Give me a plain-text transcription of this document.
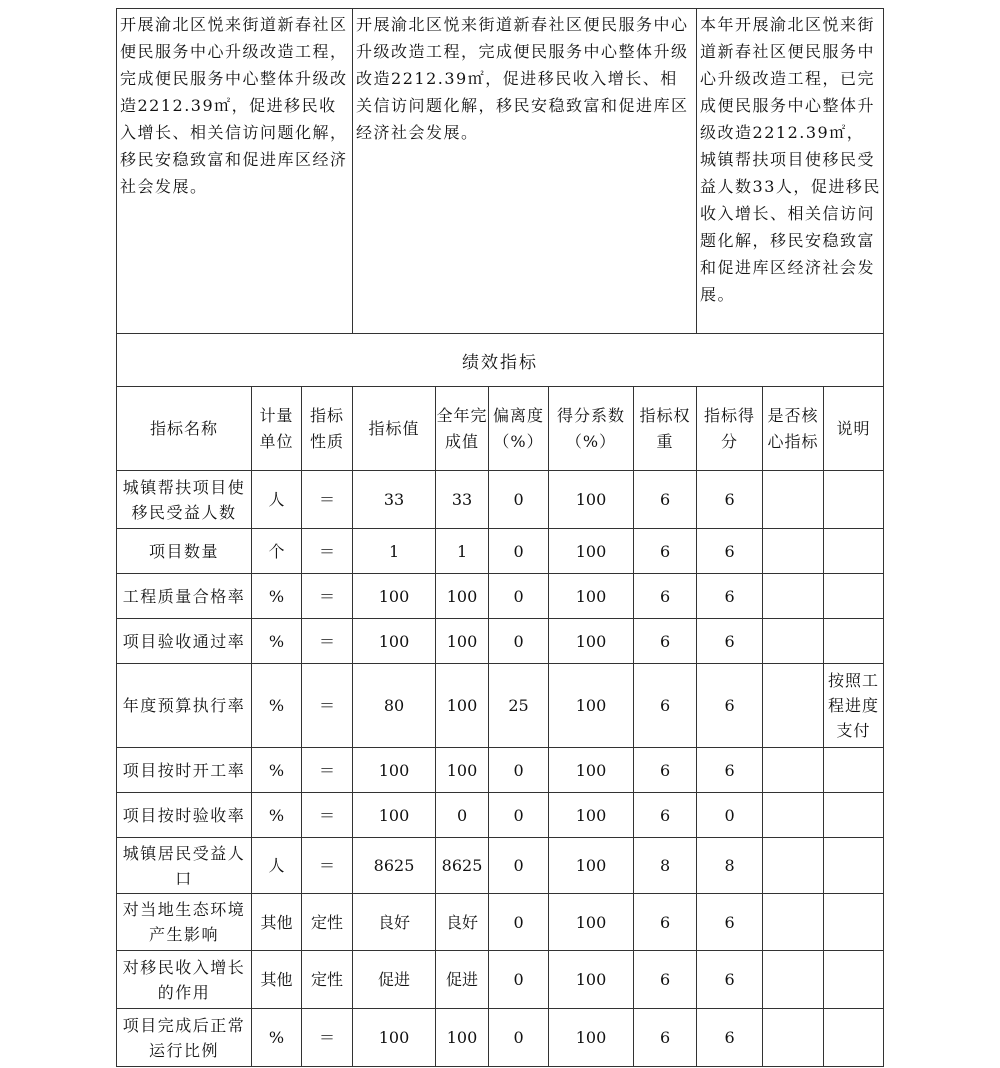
开展渝北区悦来街道新春社区便民服务中心升级改造工程，完成便民服务中心整体升级改造2212.39㎡，促进移民收入增长、相关信访问题化解，移民安稳致富和促进库区经济社会发展。			开展渝北区悦来街道新春社区便民服务中心升级改造工程，完成便民服务中心整体升级改造2212.39㎡，促进移民收入增长、相关信访问题化解，移民安稳致富和促进库区经济社会发展。					本年开展渝北区悦来街道新春社区便民服务中心升级改造工程，已完成便民服务中心整体升级改造2212.39㎡，城镇帮扶项目使移民受益人数33人，促进移民收入增长、相关信访问题化解，移民安稳致富和促进库区经济社会发展。		
绩效指标										
指标名称	计量单位	指标性质	指标值	全年完成值	偏离度（%）	得分系数（%）	指标权重	指标得分	是否核心指标	说明
城镇帮扶项目使移民受益人数	人	＝	33	33	0	100	6	6		
项目数量	个	＝	1	1	0	100	6	6		
工程质量合格率	%	＝	100	100	0	100	6	6		
项目验收通过率	%	＝	100	100	0	100	6	6		
年度预算执行率	%	＝	80	100	25	100	6	6		按照工程进度支付
项目按时开工率	%	＝	100	100	0	100	6	6		
项目按时验收率	%	＝	100	0	0	100	6	0		
城镇居民受益人口	人	＝	8625	8625	0	100	8	8		
对当地生态环境产生影响	其他	定性	良好	良好	0	100	6	6		
对移民收入增长的作用	其他	定性	促进	促进	0	100	6	6		
项目完成后正常运行比例	%	＝	100	100	0	100	6	6		
